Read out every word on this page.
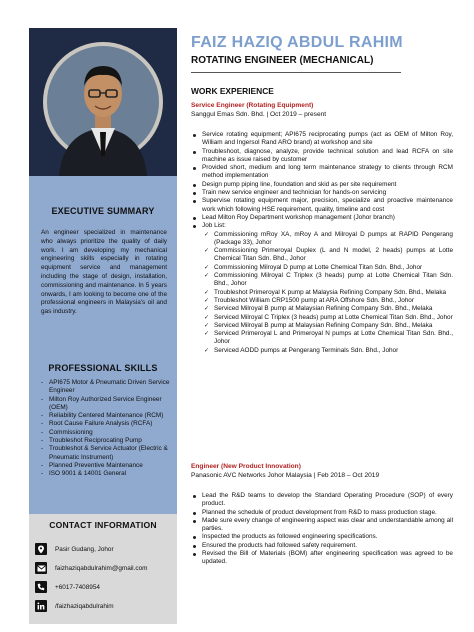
EXECUTIVE SUMMARY
An engineer specialized in maintenance who always prioritize the quality of daily work. I am developing my mechanical engineering skills especially in rotating equipment service and management including the stage of design, installation, commissioning and maintenance. In 5 years onwards, I am looking to become one of the professional engineers in Malaysia's oil and gas industry.
PROFESSIONAL SKILLS
- API675 Motor & Pneumatic Driven Service Engineer
- Milton Roy Authorized Service Engineer (OEM)
- Reliability Centered Maintenance (RCM)
- Root Cause Failure Analysis (RCFA)
- Commissioning
- Troubleshot Reciprocating Pump
- Troubleshot & Service Actuator (Electric & Pneumatic Instrument)
- Planned Preventive Maintenance
- ISO 9001 & 14001 General
CONTACT INFORMATION
Pasir Gudang, Johor
faizhaziqabdulrahim@gmail.com
+6017-7408954
/faizhaziqabdulrahim
FAIZ HAZIQ ABDUL RAHIM
ROTATING ENGINEER (MECHANICAL)
WORK EXPERIENCE
Service Engineer (Rotating Equipment)
Sanggul Emas Sdn. Bhd. | Oct 2019 – present
Service rotating equipment; API675 reciprocating pumps (act as OEM of Milton Roy, William and Ingersol Rand ARO brand) at workshop and site
Troubleshoot, diagnose, analyze, provide technical solution and lead RCFA on site machine as issue raised by customer
Provided short, medium and long term maintenance strategy to clients through RCM method implementation
Design pump piping line, foundation and skid as per site requirement
Train new service engineer and technician for hands-on servicing
Supervise rotating equipment major, precision, specialize and proactive maintenance work which following HSE requirement, quality, timeline and cost
Lead Milton Roy Department workshop management (Johor branch)
Job List:
✓ Commissioning mRoy XA, mRoy A and Milroyal D pumps at RAPID Pengerang (Package 33), Johor
✓ Commissioning Primeroyal Duplex (L and N model, 2 heads) pumps at Lotte Chemical Titan Sdn. Bhd., Johor
✓ Commissioning Milroyal D pump at Lotte Chemical Titan Sdn. Bhd., Johor
✓ Commissioning Milroyal C Triplex (3 heads) pump at Lotte Chemical Titan Sdn. Bhd., Johor
✓ Troubleshot Primeroyal K pump at Malaysia Refining Company Sdn. Bhd., Melaka
✓ Troubleshot William CRP1500 pump at ARA Offshore Sdn. Bhd., Johor
✓ Serviced Milroyal B pump at Malaysian Refining Company Sdn. Bhd., Melaka
✓ Serviced Milroyal C Triplex (3 heads) pump at Lotte Chemical Titan Sdn. Bhd., Johor
✓ Serviced Milroyal B pump at Malaysian Refining Company Sdn. Bhd., Melaka
✓ Serviced Primeroyal L and Primeroyal N pumps at Lotte Chemical Titan Sdn. Bhd., Johor
✓ Serviced AODD pumps at Pengerang Terminals Sdn. Bhd., Johor
Engineer (New Product Innovation)
Panasonic AVC Networks Johor Malaysia | Feb 2018 – Oct 2019
Lead the R&D teams to develop the Standard Operating Procedure (SOP) of every product.
Planned the schedule of product development from R&D to mass production stage.
Made sure every change of engineering aspect was clear and understandable among all parties.
Inspected the products as followed engineering specifications.
Ensured the products had followed safety requirement.
Revised the Bill of Materials (BOM) after engineering specification was agreed to be updated.
